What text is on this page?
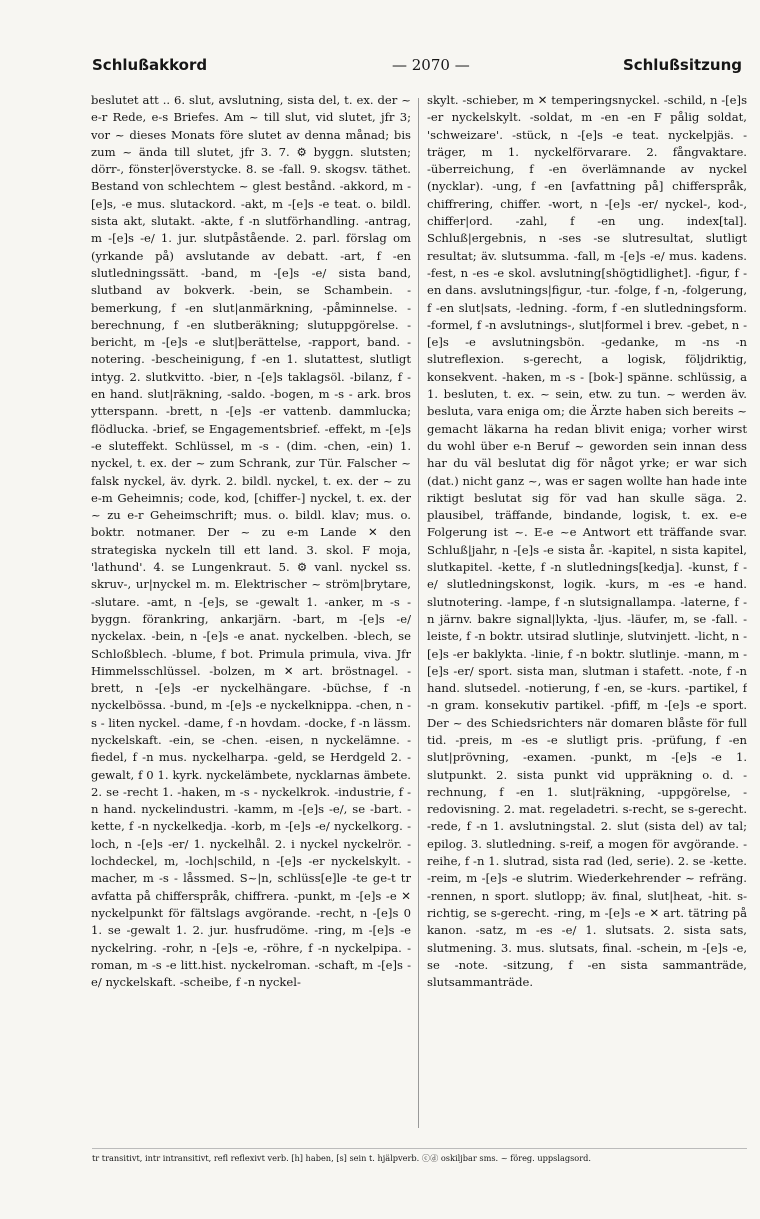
Schlußakkord	— 2070 —	Schlußsitzung
beslutet att .. 6. slut, avslutning, sista del, t. ex. der ~ e-r Rede, e-s Briefes. Am ~ till slut, vid slutet, jfr 3; vor ~ dieses Monats före slutet av denna månad; bis zum ~ ända till slutet, jfr 3. 7. ⚙ byggn. slutsten; dörr-, fönster|överstycke. 8. se -fall. 9. skogsv. täthet. Bestand von schlechtem ~ glest bestånd. -akkord, m -[e]s, -e mus. slutackord. -akt, m -[e]s -e teat. o. bildl. sista akt, slutakt. -akte, f -n slutförhandling. -antrag, m -[e]s -e/ 1. jur. slutpåstående. 2. parl. förslag om (yrkande på) avslutande av debatt. -art, f -en slutledningssätt. -band, m -[e]s -e/ sista band, slutband av bokverk. -bein, se Schambein. -bemerkung, f -en slut|anmärkning, -påminnelse. -berechnung, f -en slutberäkning; slutuppgörelse. -bericht, m -[e]s -e slut|berättelse, -rapport, band. -notering. -bescheinigung, f -en 1. slutattest, slutligt intyg. 2. slutkvitto. -bier, n -[e]s taklagsöl. -bilanz, f -en hand. slut|räkning, -saldo. -bogen, m -s - ark. bros ytterspann. -brett, n -[e]s -er vattenb. dammlucka; flödlucka. -brief, se Engagementsbrief. -effekt, m -[e]s -e sluteffekt. Schlüssel, m -s - (dim. -chen, -ein) 1. nyckel, t. ex. der ~ zum Schrank, zur Tür. Falscher ~ falsk nyckel, äv. dyrk. 2. bildl. nyckel, t. ex. der ~ zu e-m Geheimnis; code, kod, [chiffer-] nyckel, t. ex. der ~ zu e-r Geheimschrift; mus. o. bildl. klav; mus. o. boktr. notmaner. Der ~ zu e-m Lande ✕ den strategiska nyckeln till ett land. 3. skol. F moja, 'lathund'. 4. se Lungenkraut. 5. ⚙ vanl. nyckel ss. skruv-, ur|nyckel m. m. Elektrischer ~ ström|brytare, -slutare. -amt, n -[e]s, se -gewalt 1. -anker, m -s - byggn. förankring, ankarjärn. -bart, m -[e]s -e/ nyckelax. -bein, n -[e]s -e anat. nyckelben. -blech, se Schloßblech. -blume, f bot. Primula primula, viva. Jfr Himmelsschlüssel. -bolzen, m ✕ art. bröstnagel. -brett, n -[e]s -er nyckelhängare. -büchse, f -n nyckelbössa. -bund, m -[e]s -e nyckelknippa. -chen, n -s - liten nyckel. -dame, f -n hovdam. -docke, f -n lässm. nyckelskaft. -ein, se -chen. -eisen, n nyckelämne. -fiedel, f -n mus. nyckelharpa. -geld, se Herdgeld 2. -gewalt, f 0 1. kyrk. nyckelämbete, nycklarnas ämbete. 2. se -recht 1. -haken, m -s - nyckelkrok. -industrie, f -n hand. nyckelindustri. -kamm, m -[e]s -e/, se -bart. -kette, f -n nyckelkedja. -korb, m -[e]s -e/ nyckelkorg. -loch, n -[e]s -er/ 1. nyckelhål. 2. i nyckel nyckelrör. -lochdeckel, m, -loch|schild, n -[e]s -er nyckelskylt. -macher, m -s - låssmed. S~|n, schlüss[e]le -te ge-t tr avfatta på chifferspråk, chiffrera. -punkt, m -[e]s -e ✕ nyckelpunkt för fältslags avgörande. -recht, n -[e]s 0 1. se -gewalt 1. 2. jur. husfrudöme. -ring, m -[e]s -e nyckelring. -rohr, n -[e]s -e, -röhre, f -n nyckelpipa. -roman, m -s -e litt.hist. nyckelroman. -schaft, m -[e]s -e/ nyckelskaft. -scheibe, f -n nyckel-
skylt. -schieber, m ✕ temperingsnyckel. -schild, n -[e]s -er nyckelskylt. -soldat, m -en -en F pålig soldat, 'schweizare'. -stück, n -[e]s -e teat. nyckelpjäs. -träger, m 1. nyckelförvarare. 2. fångvaktare. -überreichung, f -en överlämnande av nyckel (nycklar). -ung, f -en [avfattning på] chifferspråk, chiffrering, chiffer. -wort, n -[e]s -er/ nyckel-, kod-, chiffer|ord. -zahl, f -en ung. index[tal]. Schluß|ergebnis, n -ses -se slutresultat, slutligt resultat; äv. slutsumma. -fall, m -[e]s -e/ mus. kadens. -fest, n -es -e skol. avslutning[shögtidlighet]. -figur, f -en dans. avslutnings|figur, -tur. -folge, f -n, -folgerung, f -en slut|sats, -ledning. -form, f -en slutledningsform. -formel, f -n avslutnings-, slut|formel i brev. -gebet, n -[e]s -e avslutningsbön. -gedanke, m -ns -n slutreflexion. s-gerecht, a logisk, följdriktig, konsekvent. -haken, m -s - [bok-] spänne. schlüssig, a 1. besluten, t. ex. ~ sein, etw. zu tun. ~ werden äv. besluta, vara eniga om; die Ärzte haben sich bereits ~ gemacht läkarna ha redan blivit eniga; vorher wirst du wohl über e-n Beruf ~ geworden sein innan dess har du väl beslutat dig för något yrke; er war sich (dat.) nicht ganz ~, was er sagen wollte han hade inte riktigt beslutat sig för vad han skulle säga. 2. plausibel, träffande, bindande, logisk, t. ex. e-e Folgerung ist ~. E-e ~e Antwort ett träffande svar. Schluß|jahr, n -[e]s -e sista år. -kapitel, n sista kapitel, slutkapitel. -kette, f -n slutlednings[kedja]. -kunst, f -e/ slutledningskonst, logik. -kurs, m -es -e hand. slutnotering. -lampe, f -n slutsignallampa. -laterne, f -n järnv. bakre signal|lykta, -ljus. -läufer, m, se -fall. -leiste, f -n boktr. utsirad slutlinje, slutvinjett. -licht, n -[e]s -er baklykta. -linie, f -n boktr. slutlinje. -mann, m -[e]s -er/ sport. sista man, slutman i stafett. -note, f -n hand. slutsedel. -notierung, f -en, se -kurs. -partikel, f -n gram. konsekutiv partikel. -pfiff, m -[e]s -e sport. Der ~ des Schiedsrichters när domaren blåste för full tid. -preis, m -es -e slutligt pris. -prüfung, f -en slut|prövning, -examen. -punkt, m -[e]s -e 1. slutpunkt. 2. sista punkt vid uppräkning o. d. -rechnung, f -en 1. slut|räkning, -uppgörelse, -redovisning. 2. mat. regeladetri. s-recht, se s-gerecht. -rede, f -n 1. avslutningstal. 2. slut (sista del) av tal; epilog. 3. slutledning. s-reif, a mogen för avgörande. -reihe, f -n 1. slutrad, sista rad (led, serie). 2. se -kette. -reim, m -[e]s -e slutrim. Wiederkehrender ~ refräng. -rennen, n sport. slutlopp; äv. final, slut|heat, -hit. s-richtig, se s-gerecht. -ring, m -[e]s -e ✕ art. tätring på kanon. -satz, m -es -e/ 1. slutsats. 2. sista sats, slutmening. 3. mus. slutsats, final. -schein, m -[e]s -e, se -note. -sitzung, f -en sista sammanträde, slutsammanträde.
tr transitivt, intr intransitivt, refl reflexivt verb. [h] haben, [s] sein t. hjälpverb. ⓒⓓ oskiljbar sms. ~ föreg. uppslagsord.
